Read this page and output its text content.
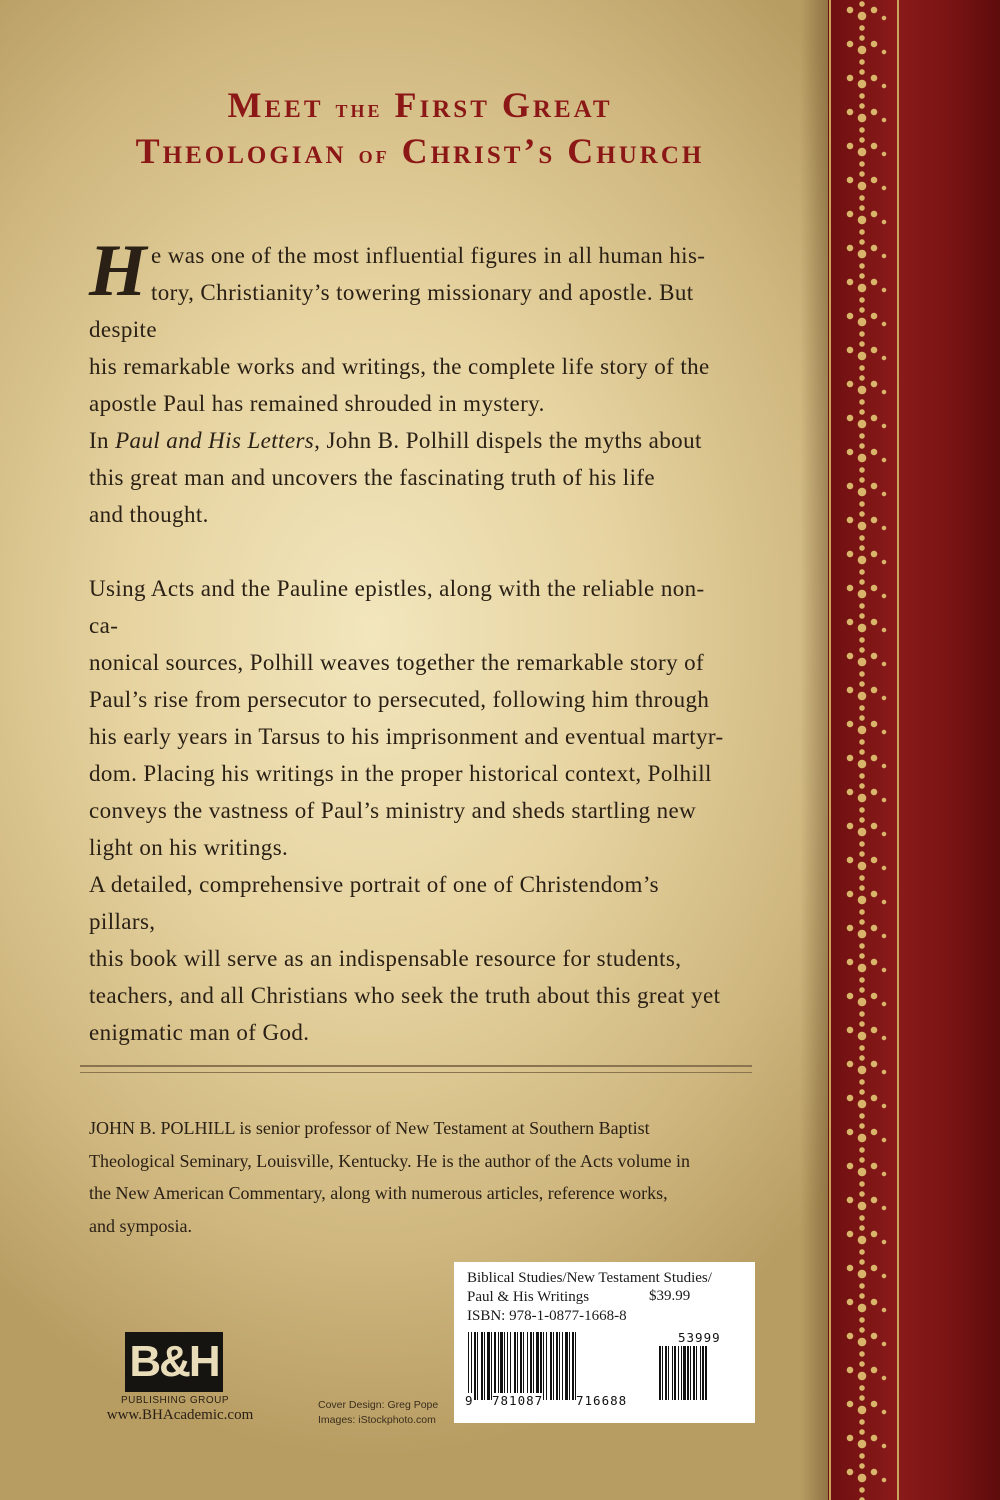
Meet the First Great
Theologian of Christ’s Church
H e was one of the most influential figures in all human his-

tory, Christianity’s towering missionary and apostle. But despite

his remarkable works and writings, the complete life story of the

apostle Paul has remained shrouded in mystery.

In Paul and His Letters, John B. Polhill dispels the myths about

this great man and uncovers the fascinating truth of his life

and thought.

Using Acts and the Pauline epistles, along with the reliable non-ca-

nonical sources, Polhill weaves together the remarkable story of

Paul’s rise from persecutor to persecuted, following him through

his early years in Tarsus to his imprisonment and eventual martyr-

dom. Placing his writings in the proper historical context, Polhill

conveys the vastness of Paul’s ministry and sheds startling new

light on his writings.

A detailed, comprehensive portrait of one of Christendom’s pillars,

this book will serve as an indispensable resource for students,

teachers, and all Christians who seek the truth about this great yet

enigmatic man of God.

JOHN B. POLHILL is senior professor of New Testament at Southern Baptist
Theological Seminary, Louisville, Kentucky. He is the author of the Acts volume in
the New American Commentary, along with numerous articles, reference works,
and symposia.
B&H
PUBLISHING GROUP
www.BHAcademic.com
Cover Design: Greg Pope
Images: iStockphoto.com
Biblical Studies/New Testament Studies/
Paul & His Writings	$39.99
ISBN: 978-1-0877-1668-8
53999
9 781087	716688
